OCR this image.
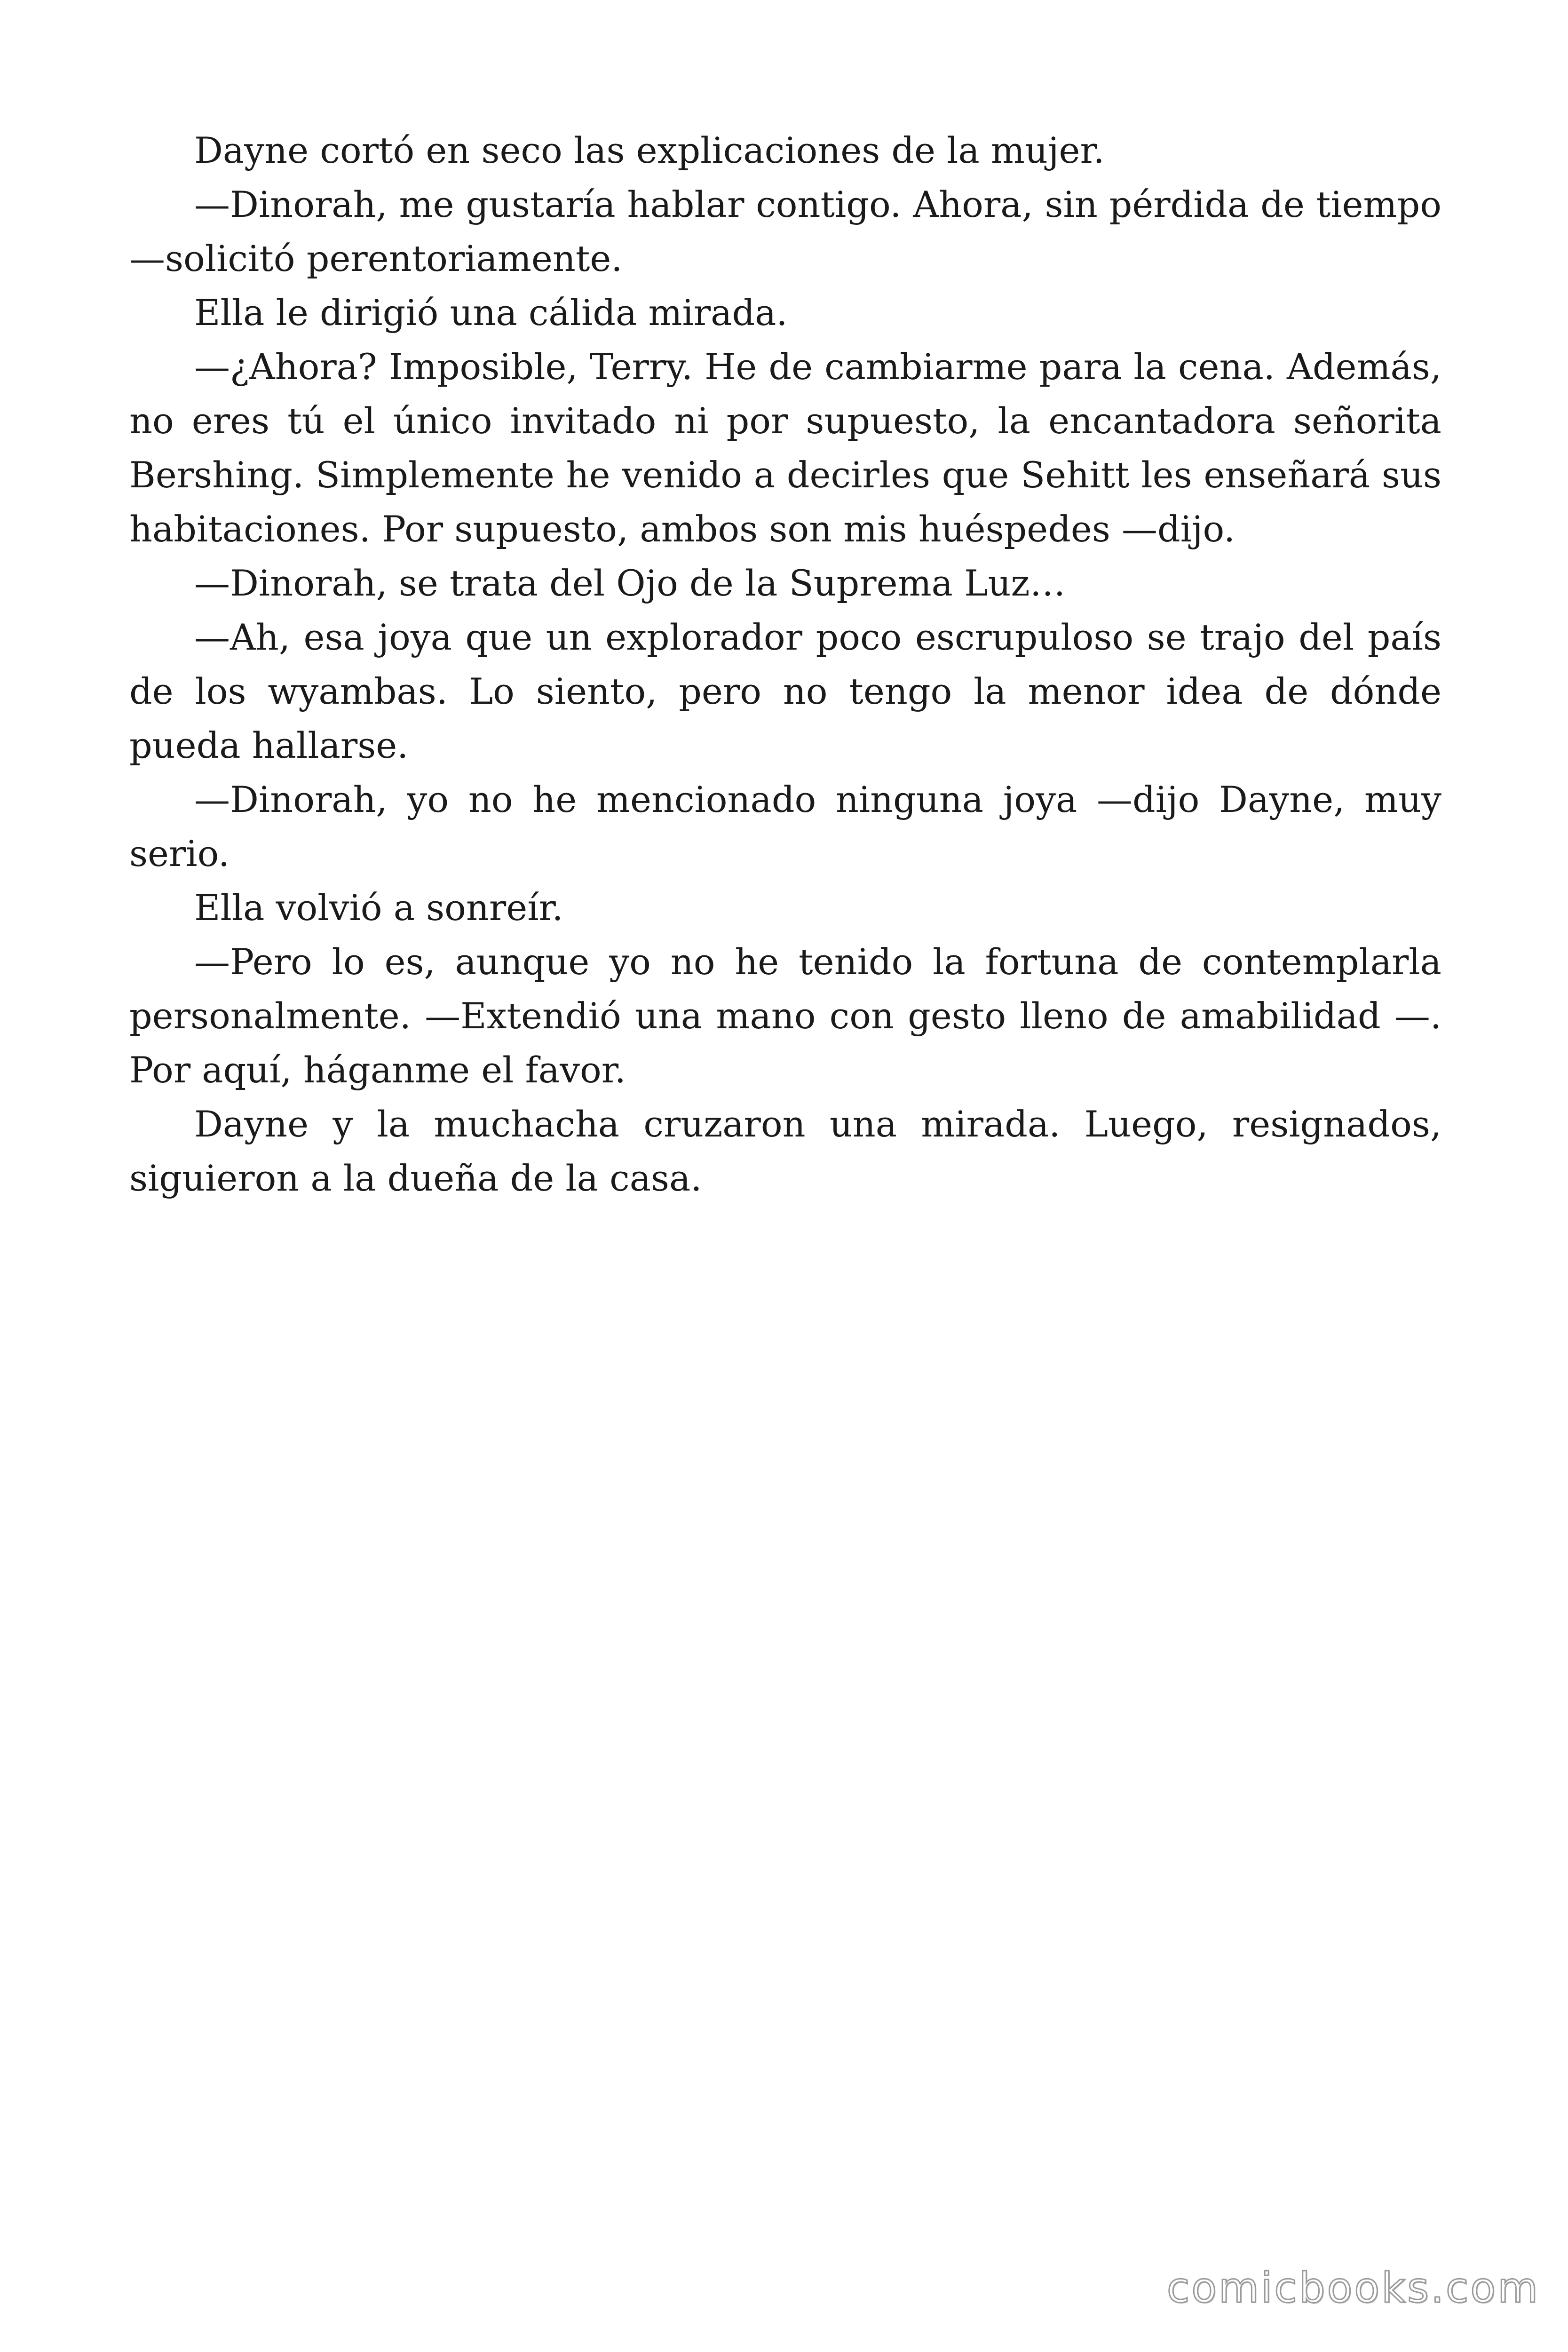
Dayne cortó en seco las explicaciones de la mujer.

—Dinorah, me gustaría hablar contigo. Ahora, sin pérdida de tiempo —solicitó perentoriamente.

Ella le dirigió una cálida mirada.

—¿Ahora? Imposible, Terry. He de cambiarme para la cena. Además, no eres tú el único invitado ni por supuesto, la encantadora señorita Bershing. Simplemente he venido a decirles que Sehitt les enseñará sus habitaciones. Por supuesto, ambos son mis huéspedes —dijo.

—Dinorah, se trata del Ojo de la Suprema Luz…

—Ah, esa joya que un explorador poco escrupuloso se trajo del país de los wyambas. Lo siento, pero no tengo la menor idea de dónde pueda hallarse.

—Dinorah, yo no he mencionado ninguna joya —dijo Dayne, muy serio.

Ella volvió a sonreír.

—Pero lo es, aunque yo no he tenido la fortuna de contemplarla personalmente. —Extendió una mano con gesto lleno de amabilidad —. Por aquí, háganme el favor.

Dayne y la muchacha cruzaron una mirada. Luego, resignados, siguieron a la dueña de la casa.

comicbooks.com
